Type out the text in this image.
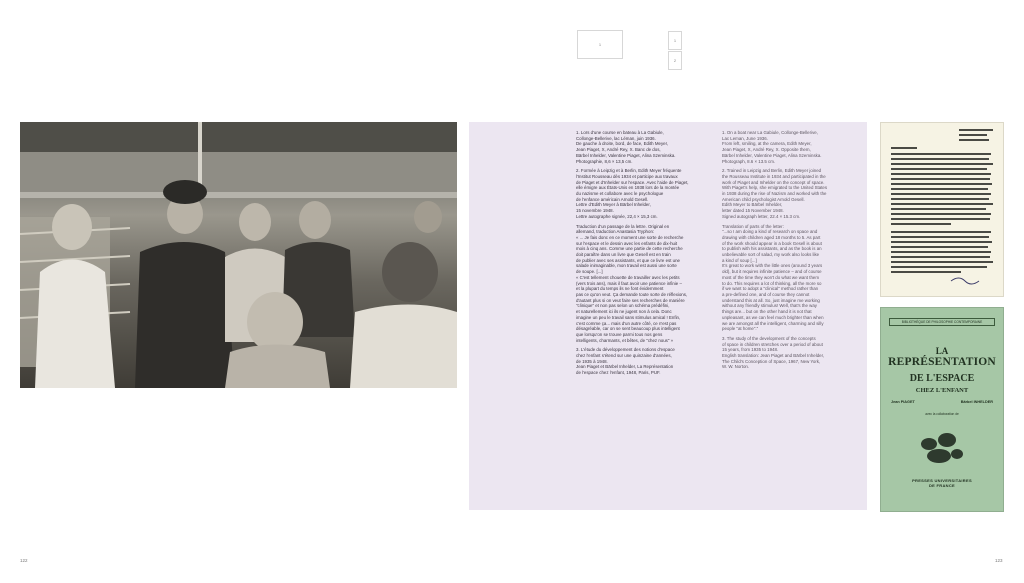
1
1
2

1. Lors d'une course en bateau à La Gabiule,
Collonge-Bellerive, lac Léman, juin 1936.
De gauche à droite, bord, de face, Edith Meyer,
Jean Piaget, X, André Rey, X. Banc de dos,
Bärbel Inhelder, Valentine Piaget, Alina Szeminska.
Photographie, 8,6 × 13,5 cm.

2. Formée à Leipzig et à Berlin, Edith Meyer fréquente
l'Institut Rousseau dès 1934 et participe aux travaux
de Piaget et d'Inhelder sur l'espace. Avec l'aide de Piaget,
elle émigre aux États-Unis en 1938 lors de la montée
du nazisme et collabore avec le psychologue
de l'enfance américain Arnold Gesell.
Lettre d'Edith Meyer à Bärbel Inhelder,
15 novembre 1948.
Lettre autographe signée, 22,4 × 15,3 cm.

Traduction d'un passage de la lettre. Original en
allemand, traduction Anastasia Tryphon:
« ... Je fais donc en ce moment une sorte de recherche
sur l'espace et le dessin avec les enfants de dix-huit
mois à cinq ans. Comme une partie de cette recherche
doit paraître dans un livre que Gesell est en train
de publier avec ses assistants, et que ce livre est une
salade inimaginable, mon travail est aussi une sorte
de soupe. [...]
« C'est tellement chouette de travailler avec les petits
(vers trois ans), mais il faut avoir une patience infinie –
et la plupart du temps ils ne font évidemment
pas ce qu'on veut. Ça demande toute sorte de réflexions,
d'autant plus si on veut faire ses recherches de manière
"clinique" et non pas selon un schéma prédéfini,
et naturellement ici ils ne jugent non à cela. Donc
imagine un peu le travail sans stimulus amical ! Enfin,
c'est comme ça... mais d'un autre côté, ce n'est pas
désagréable, car on se sent beaucoup plus intelligent
que lorsqu'on se trouve parmi tous nos gens
intelligents, charmants, et bêtes, de "chez nous" »

3. L'étude du développement des notions d'espace
chez l'enfant s'étend sur une quinzaine d'années,
de 1935 à 1948.
Jean Piaget et Bärbel Inhelder, La Représentation
de l'espace chez l'enfant, 1948, Paris, PUF.

1. On a boat near La Gabiule, Collonge-Bellerive,
Lac Leman, June 1936.
From left, smiling, at the camera, Edith Meyer,
Jean Piaget, X, André Rey, X. Opposite them,
Bärbel Inhelder, Valentine Piaget, Alina Szeminska.
Photograph, 8.6 × 13.5 cm.

2. Trained in Leipzig and Berlin, Edith Meyer joined
the Rousseau Institute in 1934 and participated in the
work of Piaget and Inhelder on the concept of space.
With Piaget's help, she emigrated to the United States
in 1938 during the rise of Nazism and worked with the
American child psychologist Arnold Gesell.
Edith Meyer to Bärbel Inhelder,
letter dated 15 November 1948.
Signed autograph letter, 22.4 × 15.3 cm.

Translation of parts of the letter:
"...so I am doing a kind of research on space and
drawing with children aged 18 months to 5. As part
of the work should appear in a book Gesell is about
to publish with his assistants, and as the book is an
unbelievable sort of salad, my work also looks like
a kind of soup [...]
It's great to work with the little ones (around 3 years
old), but it requires infinite patience – and of course
most of the time they won't do what we want them
to do. This requires a lot of thinking, all the more so
if we want to adopt a "clinical" method rather than
a pre-defined one, and of course they cannot
understand this at all. So, just imagine me working
without any friendly stimulus! Well, that's the way
things are... but on the other hand it is not that
unpleasant, as we can feel much brighter than when
we are amongst all the intelligent, charming and silly
people "at home"."

3. The study of the development of the concepts
of space in children stretches over a period of about
15 years, from 1935 to 1948.
English translation: Jean Piaget and Bärbel Inhelder,
The Child's Conception of Space, 1967, New York,
W. W. Norton.

BIBLIOTHÈQUE DE PHILOSOPHIE CONTEMPORAINE
LA
REPRÉSENTATION
DE L'ESPACE
CHEZ L'ENFANT
Jean PIAGET	Bärbel INHELDER
avec la collaboration de
PRESSES UNIVERSITAIRES
DE FRANCE
122	123
